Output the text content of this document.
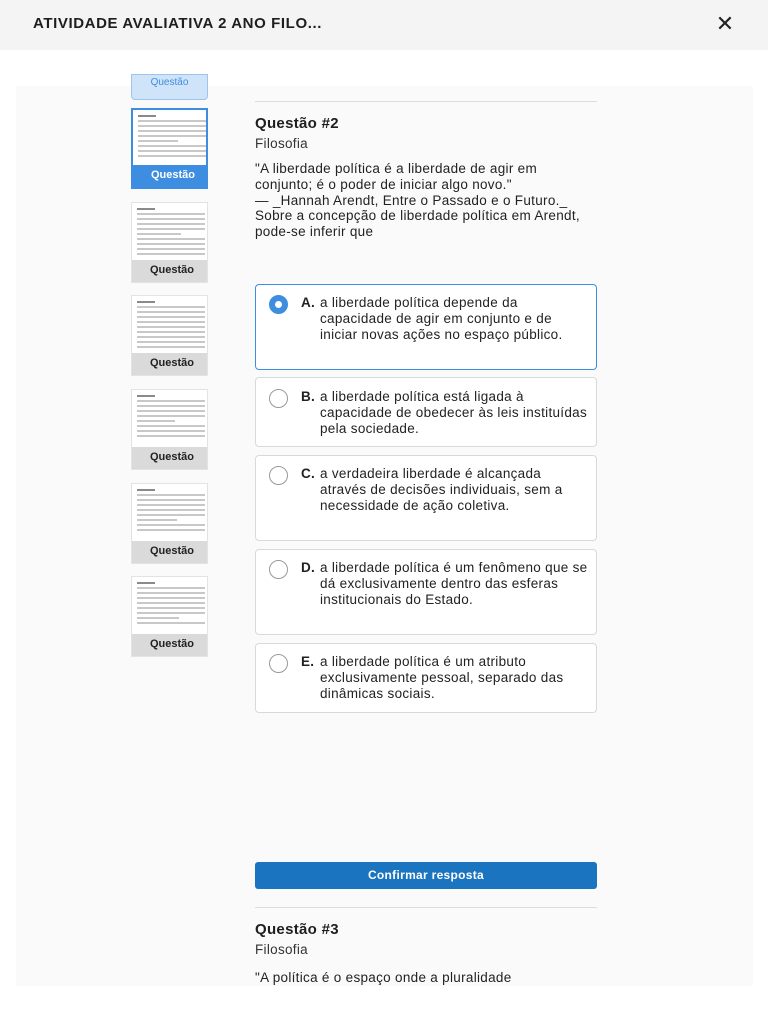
ATIVIDADE AVALIATIVA 2 ANO FILO...	✕
Questão
Questão
Questão
Questão
Questão
Questão
Questão
Questão #2
Filosofia

"A liberdade política é a liberdade de agir em conjunto; é o poder de iniciar algo novo."

— _Hannah Arendt, Entre o Passado e o Futuro._

Sobre a concepção de liberdade política em Arendt, pode-se inferir que

A. a liberdade política depende da capacidade de agir em conjunto e de iniciar novas ações no espaço público.
B. a liberdade política está ligada à capacidade de obedecer às leis instituídas pela sociedade.
C. a verdadeira liberdade é alcançada através de decisões individuais, sem a necessidade de ação coletiva.
D. a liberdade política é um fenômeno que se dá exclusivamente dentro das esferas institucionais do Estado.
E. a liberdade política é um atributo exclusivamente pessoal, separado das dinâmicas sociais.
Confirmar resposta
Questão #3
Filosofia
"A política é o espaço onde a pluralidade
